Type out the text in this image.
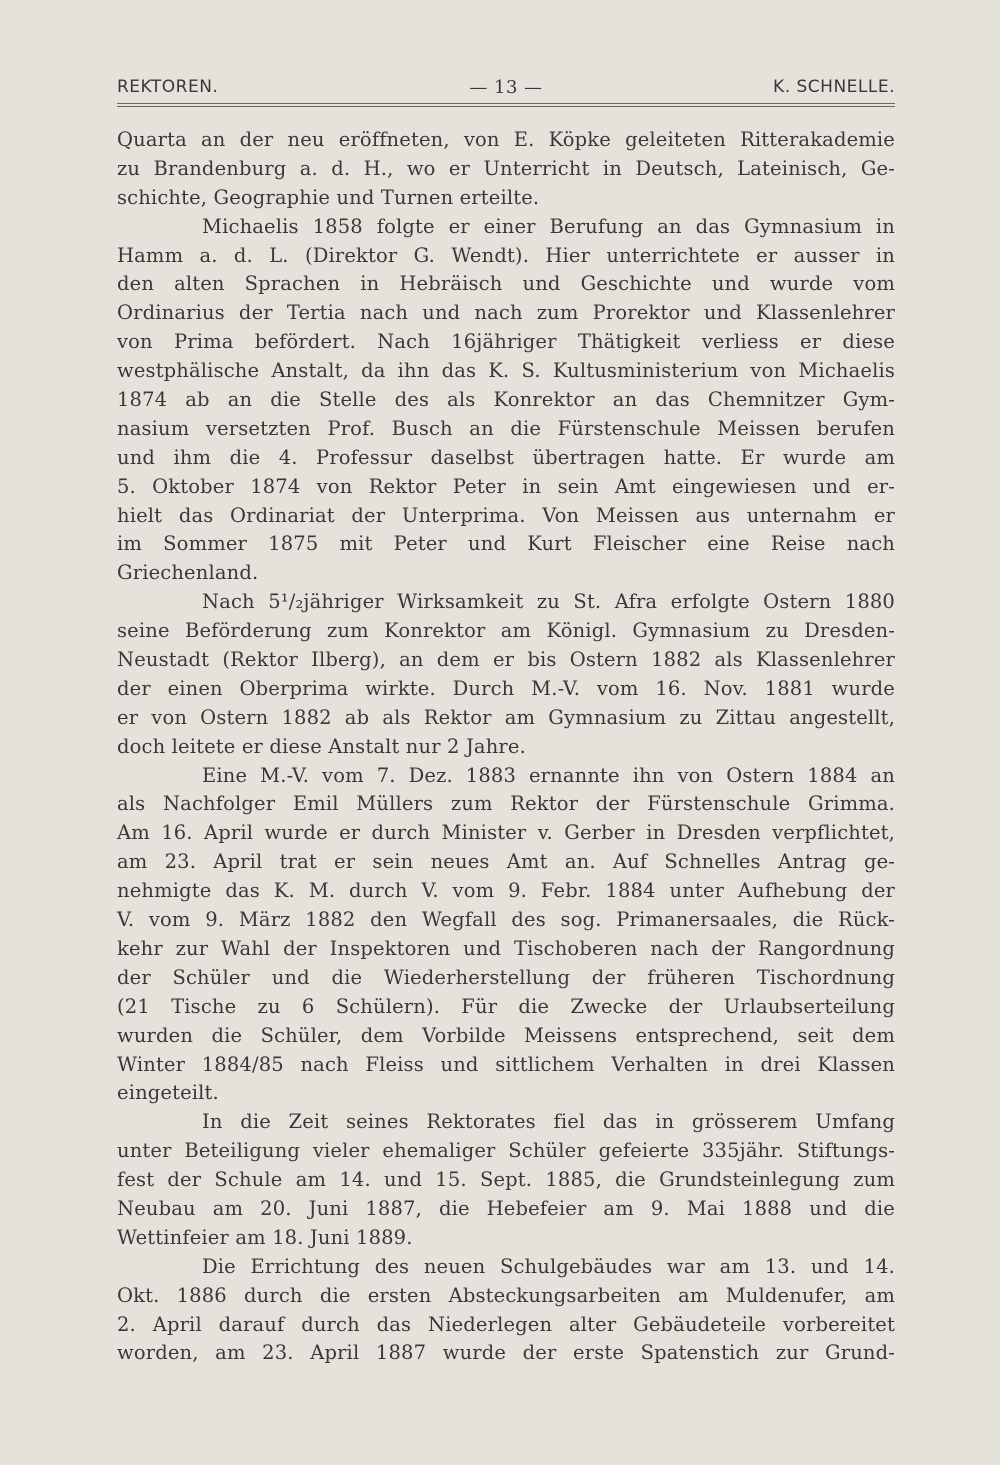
REKTOREN.	— 13 —	K. SCHNELLE.
Quarta an der neu eröffneten, von E. Köpke geleiteten Ritterakademie
zu Brandenburg a. d. H., wo er Unterricht in Deutsch, Lateinisch, Ge-
schichte, Geographie und Turnen erteilte.
Michaelis 1858 folgte er einer Berufung an das Gymnasium in
Hamm a. d. L. (Direktor G. Wendt). Hier unterrichtete er ausser in
den alten Sprachen in Hebräisch und Geschichte und wurde vom
Ordinarius der Tertia nach und nach zum Prorektor und Klassenlehrer
von Prima befördert. Nach 16jähriger Thätigkeit verliess er diese
westphälische Anstalt, da ihn das K. S. Kultusministerium von Michaelis
1874 ab an die Stelle des als Konrektor an das Chemnitzer Gym-
nasium versetzten Prof. Busch an die Fürstenschule Meissen berufen
und ihm die 4. Professur daselbst übertragen hatte. Er wurde am
5. Oktober 1874 von Rektor Peter in sein Amt eingewiesen und er-
hielt das Ordinariat der Unterprima. Von Meissen aus unternahm er
im Sommer 1875 mit Peter und Kurt Fleischer eine Reise nach
Griechenland.
Nach 5¹/₂jähriger Wirksamkeit zu St. Afra erfolgte Ostern 1880
seine Beförderung zum Konrektor am Königl. Gymnasium zu Dresden-
Neustadt (Rektor Ilberg), an dem er bis Ostern 1882 als Klassenlehrer
der einen Oberprima wirkte. Durch M.-V. vom 16. Nov. 1881 wurde
er von Ostern 1882 ab als Rektor am Gymnasium zu Zittau angestellt,
doch leitete er diese Anstalt nur 2 Jahre.
Eine M.-V. vom 7. Dez. 1883 ernannte ihn von Ostern 1884 an
als Nachfolger Emil Müllers zum Rektor der Fürstenschule Grimma.
Am 16. April wurde er durch Minister v. Gerber in Dresden verpflichtet,
am 23. April trat er sein neues Amt an. Auf Schnelles Antrag ge-
nehmigte das K. M. durch V. vom 9. Febr. 1884 unter Aufhebung der
V. vom 9. März 1882 den Wegfall des sog. Primanersaales, die Rück-
kehr zur Wahl der Inspektoren und Tischoberen nach der Rangordnung
der Schüler und die Wiederherstellung der früheren Tischordnung
(21 Tische zu 6 Schülern). Für die Zwecke der Urlaubserteilung
wurden die Schüler, dem Vorbilde Meissens entsprechend, seit dem
Winter 1884/85 nach Fleiss und sittlichem Verhalten in drei Klassen
eingeteilt.
In die Zeit seines Rektorates fiel das in grösserem Umfang
unter Beteiligung vieler ehemaliger Schüler gefeierte 335jähr. Stiftungs-
fest der Schule am 14. und 15. Sept. 1885, die Grundsteinlegung zum
Neubau am 20. Juni 1887, die Hebefeier am 9. Mai 1888 und die
Wettinfeier am 18. Juni 1889.
Die Errichtung des neuen Schulgebäudes war am 13. und 14.
Okt. 1886 durch die ersten Absteckungsarbeiten am Muldenufer, am
2. April darauf durch das Niederlegen alter Gebäudeteile vorbereitet
worden, am 23. April 1887 wurde der erste Spatenstich zur Grund-
